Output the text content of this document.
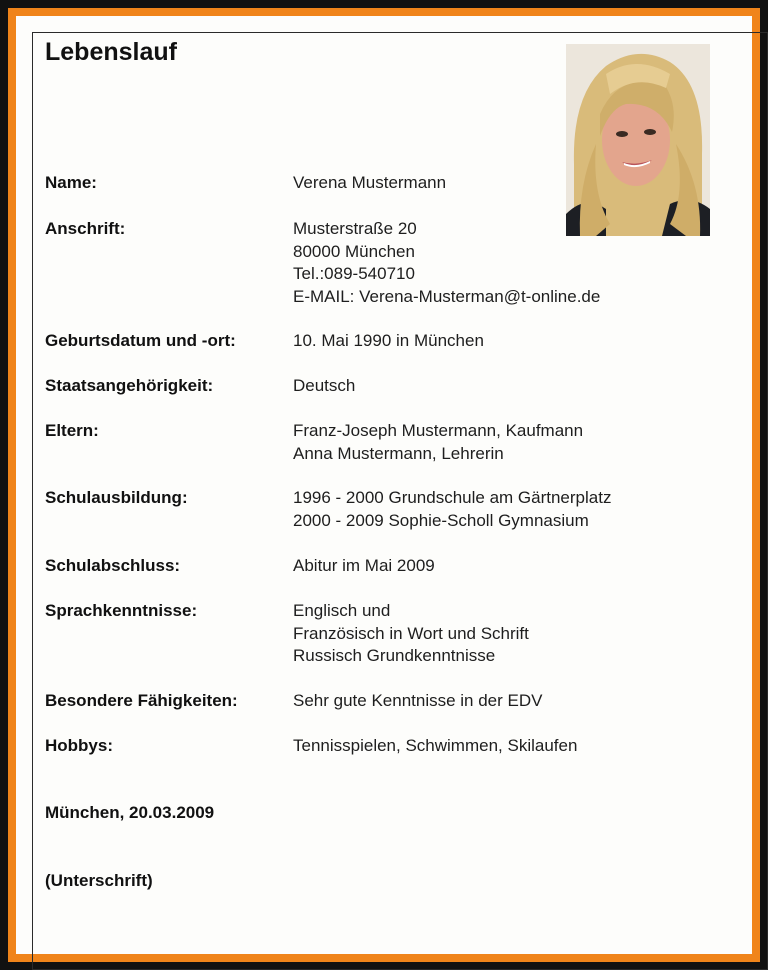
Lebenslauf
Name:	Verena Mustermann
Anschrift:	Musterstraße 20
80000 München
Tel.:089-540710
E-MAIL: Verena-Musterman@t-online.de
Geburtsdatum und -ort:	10. Mai 1990 in München
Staatsangehörigkeit:	Deutsch
Eltern:	Franz-Joseph Mustermann, Kaufmann
Anna Mustermann, Lehrerin
Schulausbildung:	1996 - 2000 Grundschule am Gärtnerplatz
2000 - 2009 Sophie-Scholl Gymnasium
Schulabschluss:	Abitur im Mai 2009
Sprachkenntnisse:	Englisch und
Französisch in Wort und Schrift
Russisch Grundkenntnisse
Besondere Fähigkeiten:	Sehr gute Kenntnisse in der EDV
Hobbys:	Tennisspielen, Schwimmen, Skilaufen
München, 20.03.2009
(Unterschrift)
